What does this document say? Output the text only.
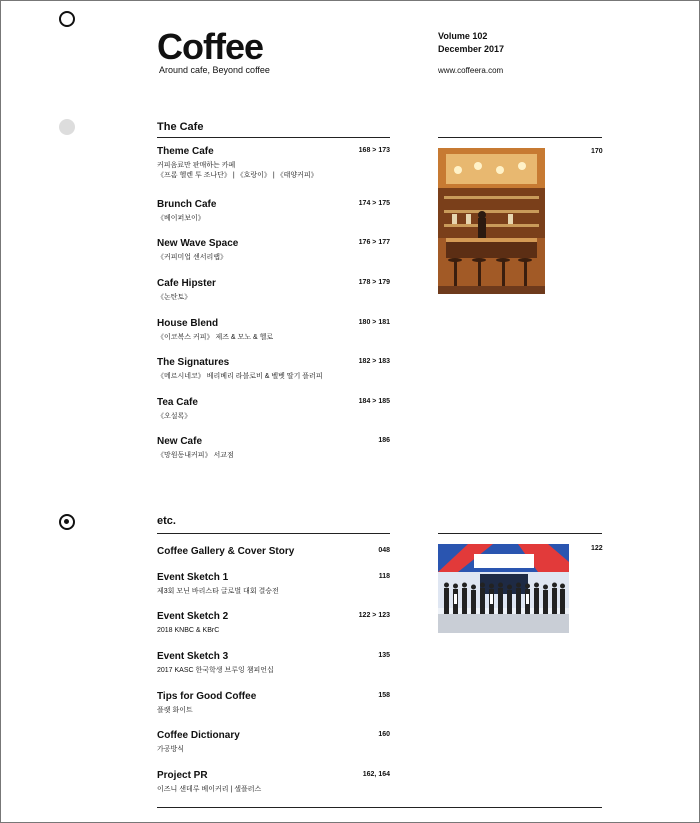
Coffee
Around cafe, Beyond coffee
Volume 102
December 2017
www.coffeera.com
The Cafe
Theme Cafe
커피음료만 판매하는 카페
《프롬 헬렌 투 조나단》 | 《호랑이》 | 《태양커피》
168 > 173
Brunch Cafe
《베이퍼보이》
174 > 175
New Wave Space
《커피미업 센서리랩》
176 > 177
Cafe Hipster
《논탄토》
178 > 179
House Blend
《이코복스 커피》 제즈 & 모노 & 헬로
180 > 181
The Signatures
《메르시네코》 베리베리 라블로비 & 벨벳 딸기 플러피
182 > 183
Tea Cafe
《오설록》
184 > 185
New Cafe
《망원동내커피》 서교점
186
170
etc.
Coffee Gallery & Cover Story	048
Event Sketch 1
제3회 모닌 바리스타 글로벌 대회 결승전
118
Event Sketch 2
2018 KNBC & KBrC
122 > 123
Event Sketch 3
2017 KASC 한국학생 브루잉 챔피언십
135
Tips for Good Coffee
플랫 화이트
158
Coffee Dictionary
가공방식
160
Project PR
이즈니 샌데루 베이커리 | 셀플러스
162, 164
122
